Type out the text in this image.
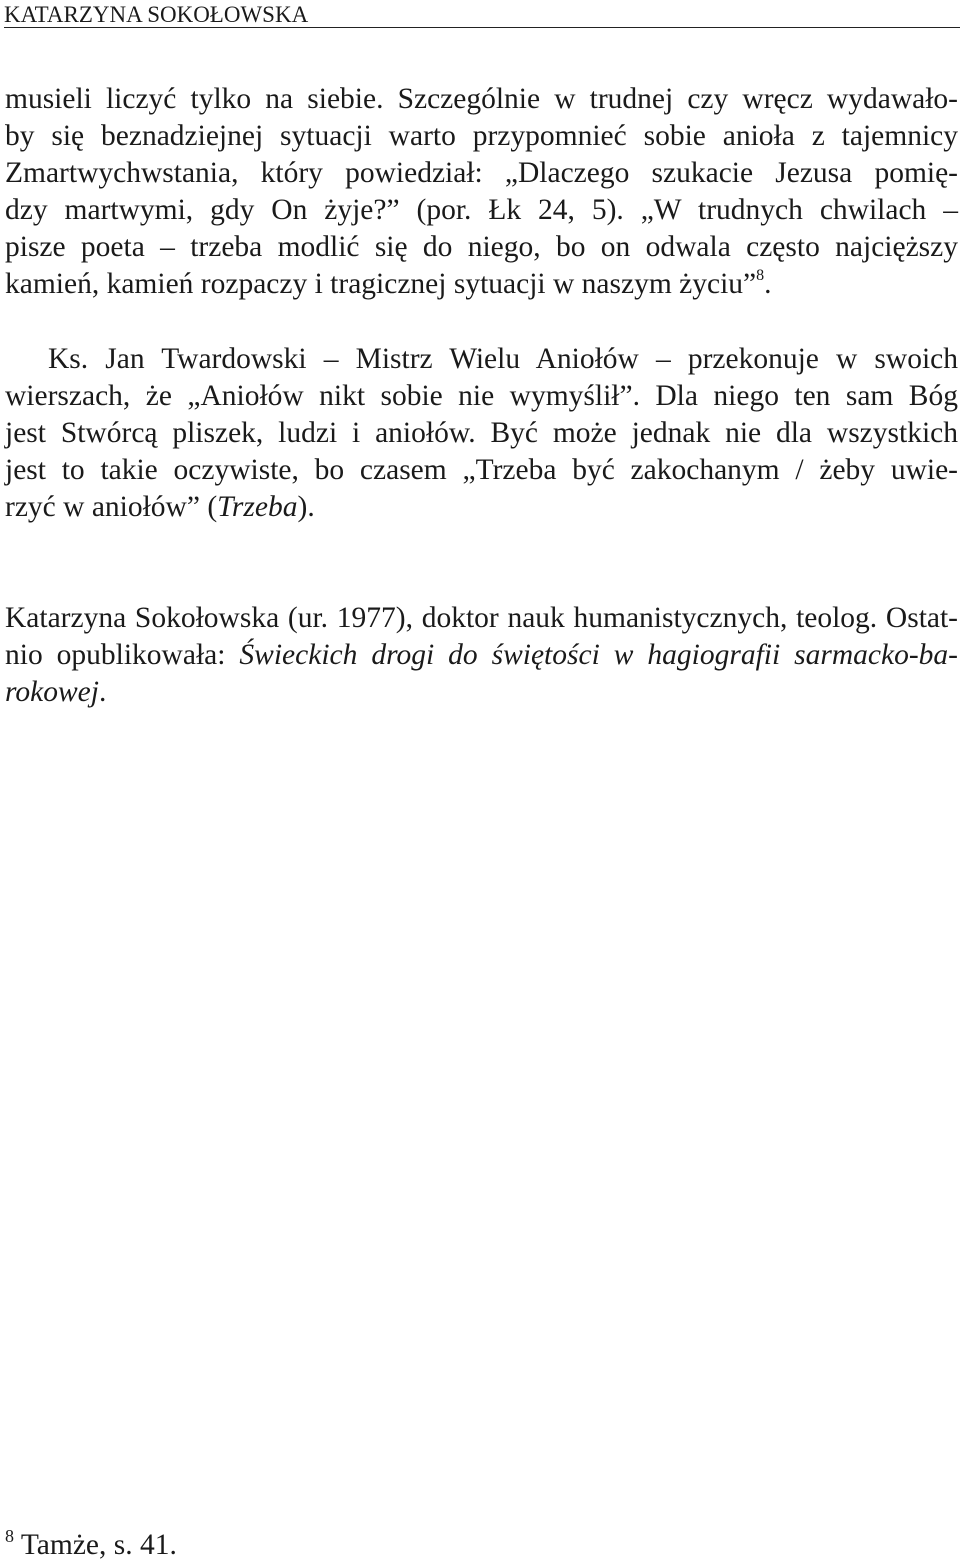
KATARZYNA SOKOŁOWSKA
musieli liczyć tylko na siebie. Szczególnie w trudnej czy wręcz wydawało-
by się beznadziejnej sytuacji warto przypomnieć sobie anioła z tajemnicy
Zmartwychwstania, który powiedział: „Dlaczego szukacie Jezusa pomię-
dzy martwymi, gdy On żyje?” (por. Łk 24, 5). „W trudnych chwilach –
pisze poeta – trzeba modlić się do niego, bo on odwala często najcięższy
kamień, kamień rozpaczy i tragicznej sytuacji w naszym życiu”$^8$.
Ks. Jan Twardowski – Mistrz Wielu Aniołów – przekonuje w swoich
wierszach, że „Aniołów nikt sobie nie wymyślił”. Dla niego ten sam Bóg
jest Stwórcą pliszek, ludzi i aniołów. Być może jednak nie dla wszystkich
jest to takie oczywiste, bo czasem „Trzeba być zakochanym / żeby uwie-
rzyć w aniołów” (Trzeba).
Katarzyna Sokołowska (ur. 1977), doktor nauk humanistycznych, teolog. Ostat-
nio opublikowała: Świeckich drogi do świętości w hagiografii sarmacko-ba-
rokowej.
$^8$ Tamże, s. 41.
